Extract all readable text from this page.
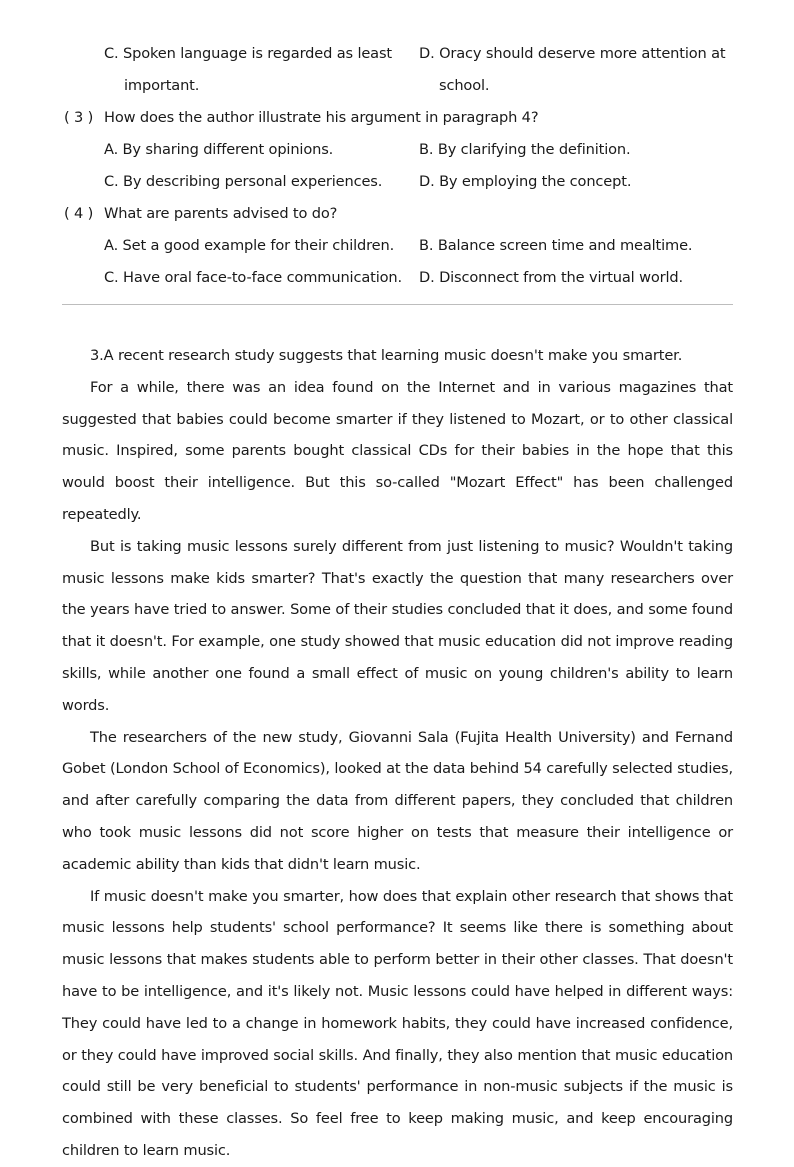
C. Spoken language is regarded as least D. Oracy should deserve more attention at
important.	school.
( 3 ) How does the author illustrate his argument in paragraph 4?
A. By sharing different opinions.	B. By clarifying the definition.
C. By describing personal experiences.	D. By employing the concept.
( 4 ) What are parents advised to do?
A. Set a good example for their children. B. Balance screen time and mealtime.
C. Have oral face-to-face communication. D. Disconnect from the virtual world.

3.A recent research study suggests that learning music doesn't make you smarter.

For a while, there was an idea found on the Internet and in various magazines that suggested that babies could become smarter if they listened to Mozart, or to other classical music. Inspired, some parents bought classical CDs for their babies in the hope that this would boost their intelligence. But this so-called "Mozart Effect" has been challenged repeatedly.

But is taking music lessons surely different from just listening to music? Wouldn't taking music lessons make kids smarter? That's exactly the question that many researchers over the years have tried to answer. Some of their studies concluded that it does, and some found that it doesn't. For example, one study showed that music education did not improve reading skills, while another one found a small effect of music on young children's ability to learn words.

The researchers of the new study, Giovanni Sala (Fujita Health University) and Fernand Gobet (London School of Economics), looked at the data behind 54 carefully selected studies, and after carefully comparing the data from different papers, they concluded that children who took music lessons did not score higher on tests that measure their intelligence or academic ability than kids that didn't learn music.

If music doesn't make you smarter, how does that explain other research that shows that music lessons help students' school performance? It seems like there is something about music lessons that makes students able to perform better in their other classes. That doesn't have to be intelligence, and it's likely not. Music lessons could have helped in different ways: They could have led to a change in homework habits, they could have increased confidence, or they could have improved social skills. And finally, they also mention that music education could still be very beneficial to students' performance in non-music subjects if the music is combined with these classes. So feel free to keep making music, and keep encouraging children to learn music.
